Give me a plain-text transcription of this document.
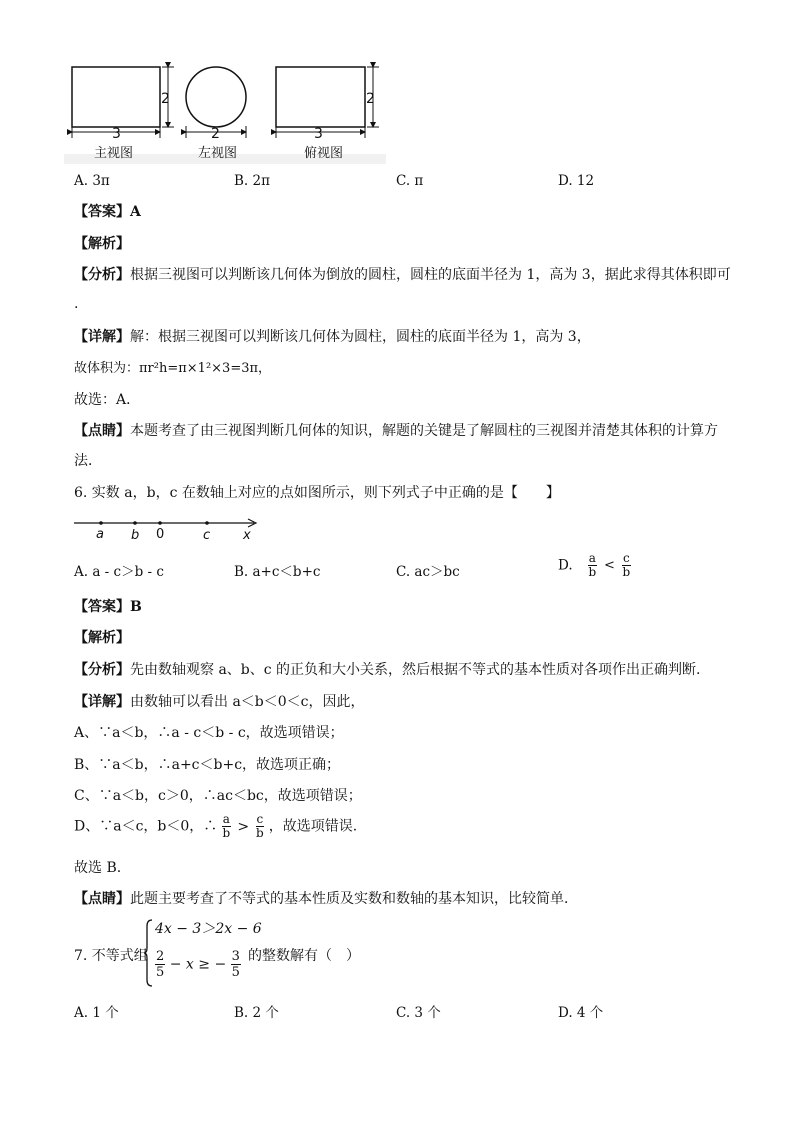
3
2
主视图
2
左视图
3
2
俯视图
A. 3π	B. 2π	C. π	D. 12
【答案】A
【解析】
【分析】根据三视图可以判断该几何体为倒放的圆柱，圆柱的底面半径为 1，高为 3，据此求得其体积即可
.
【详解】解：根据三视图可以判断该几何体为圆柱，圆柱的底面半径为 1，高为 3，
故体积为：πr²h=π×1²×3=3π，
故选：A．
【点睛】本题考查了由三视图判断几何体的知识，解题的关键是了解圆柱的三视图并清楚其体积的计算方
法．
6. 实数 a，b，c 在数轴上对应的点如图所示，则下列式子中正确的是【　　】
a b 0	c	x
A. a - c＞b - c	B. a+c＜b+c	C. ac＞bc	D. $\frac{a}{b} < \frac{c}{b}$
【答案】B
【解析】
【分析】先由数轴观察 a、b、c 的正负和大小关系，然后根据不等式的基本性质对各项作出正确判断.
【详解】由数轴可以看出 a＜b＜0＜c，因此，
A、∵a＜b，∴a - c＜b - c，故选项错误；
B、∵a＜b，∴a+c＜b+c，故选项正确；
C、∵a＜b，c＞0，∴ac＜bc，故选项错误；
D、∵a＜c，b＜0，∴ $\frac{a}{b} > \frac{c}{b}$ ，故选项错误.
故选 B.
【点睛】此题主要考查了不等式的基本性质及实数和数轴的基本知识，比较简单．
7. 不等式组
4x − 3＞2x − 6
$\frac{2}{5} - x$ ≥ − $\frac{3}{5}$ 的整数解有（　）
A. 1 个	B. 2 个	C. 3 个	D. 4 个
